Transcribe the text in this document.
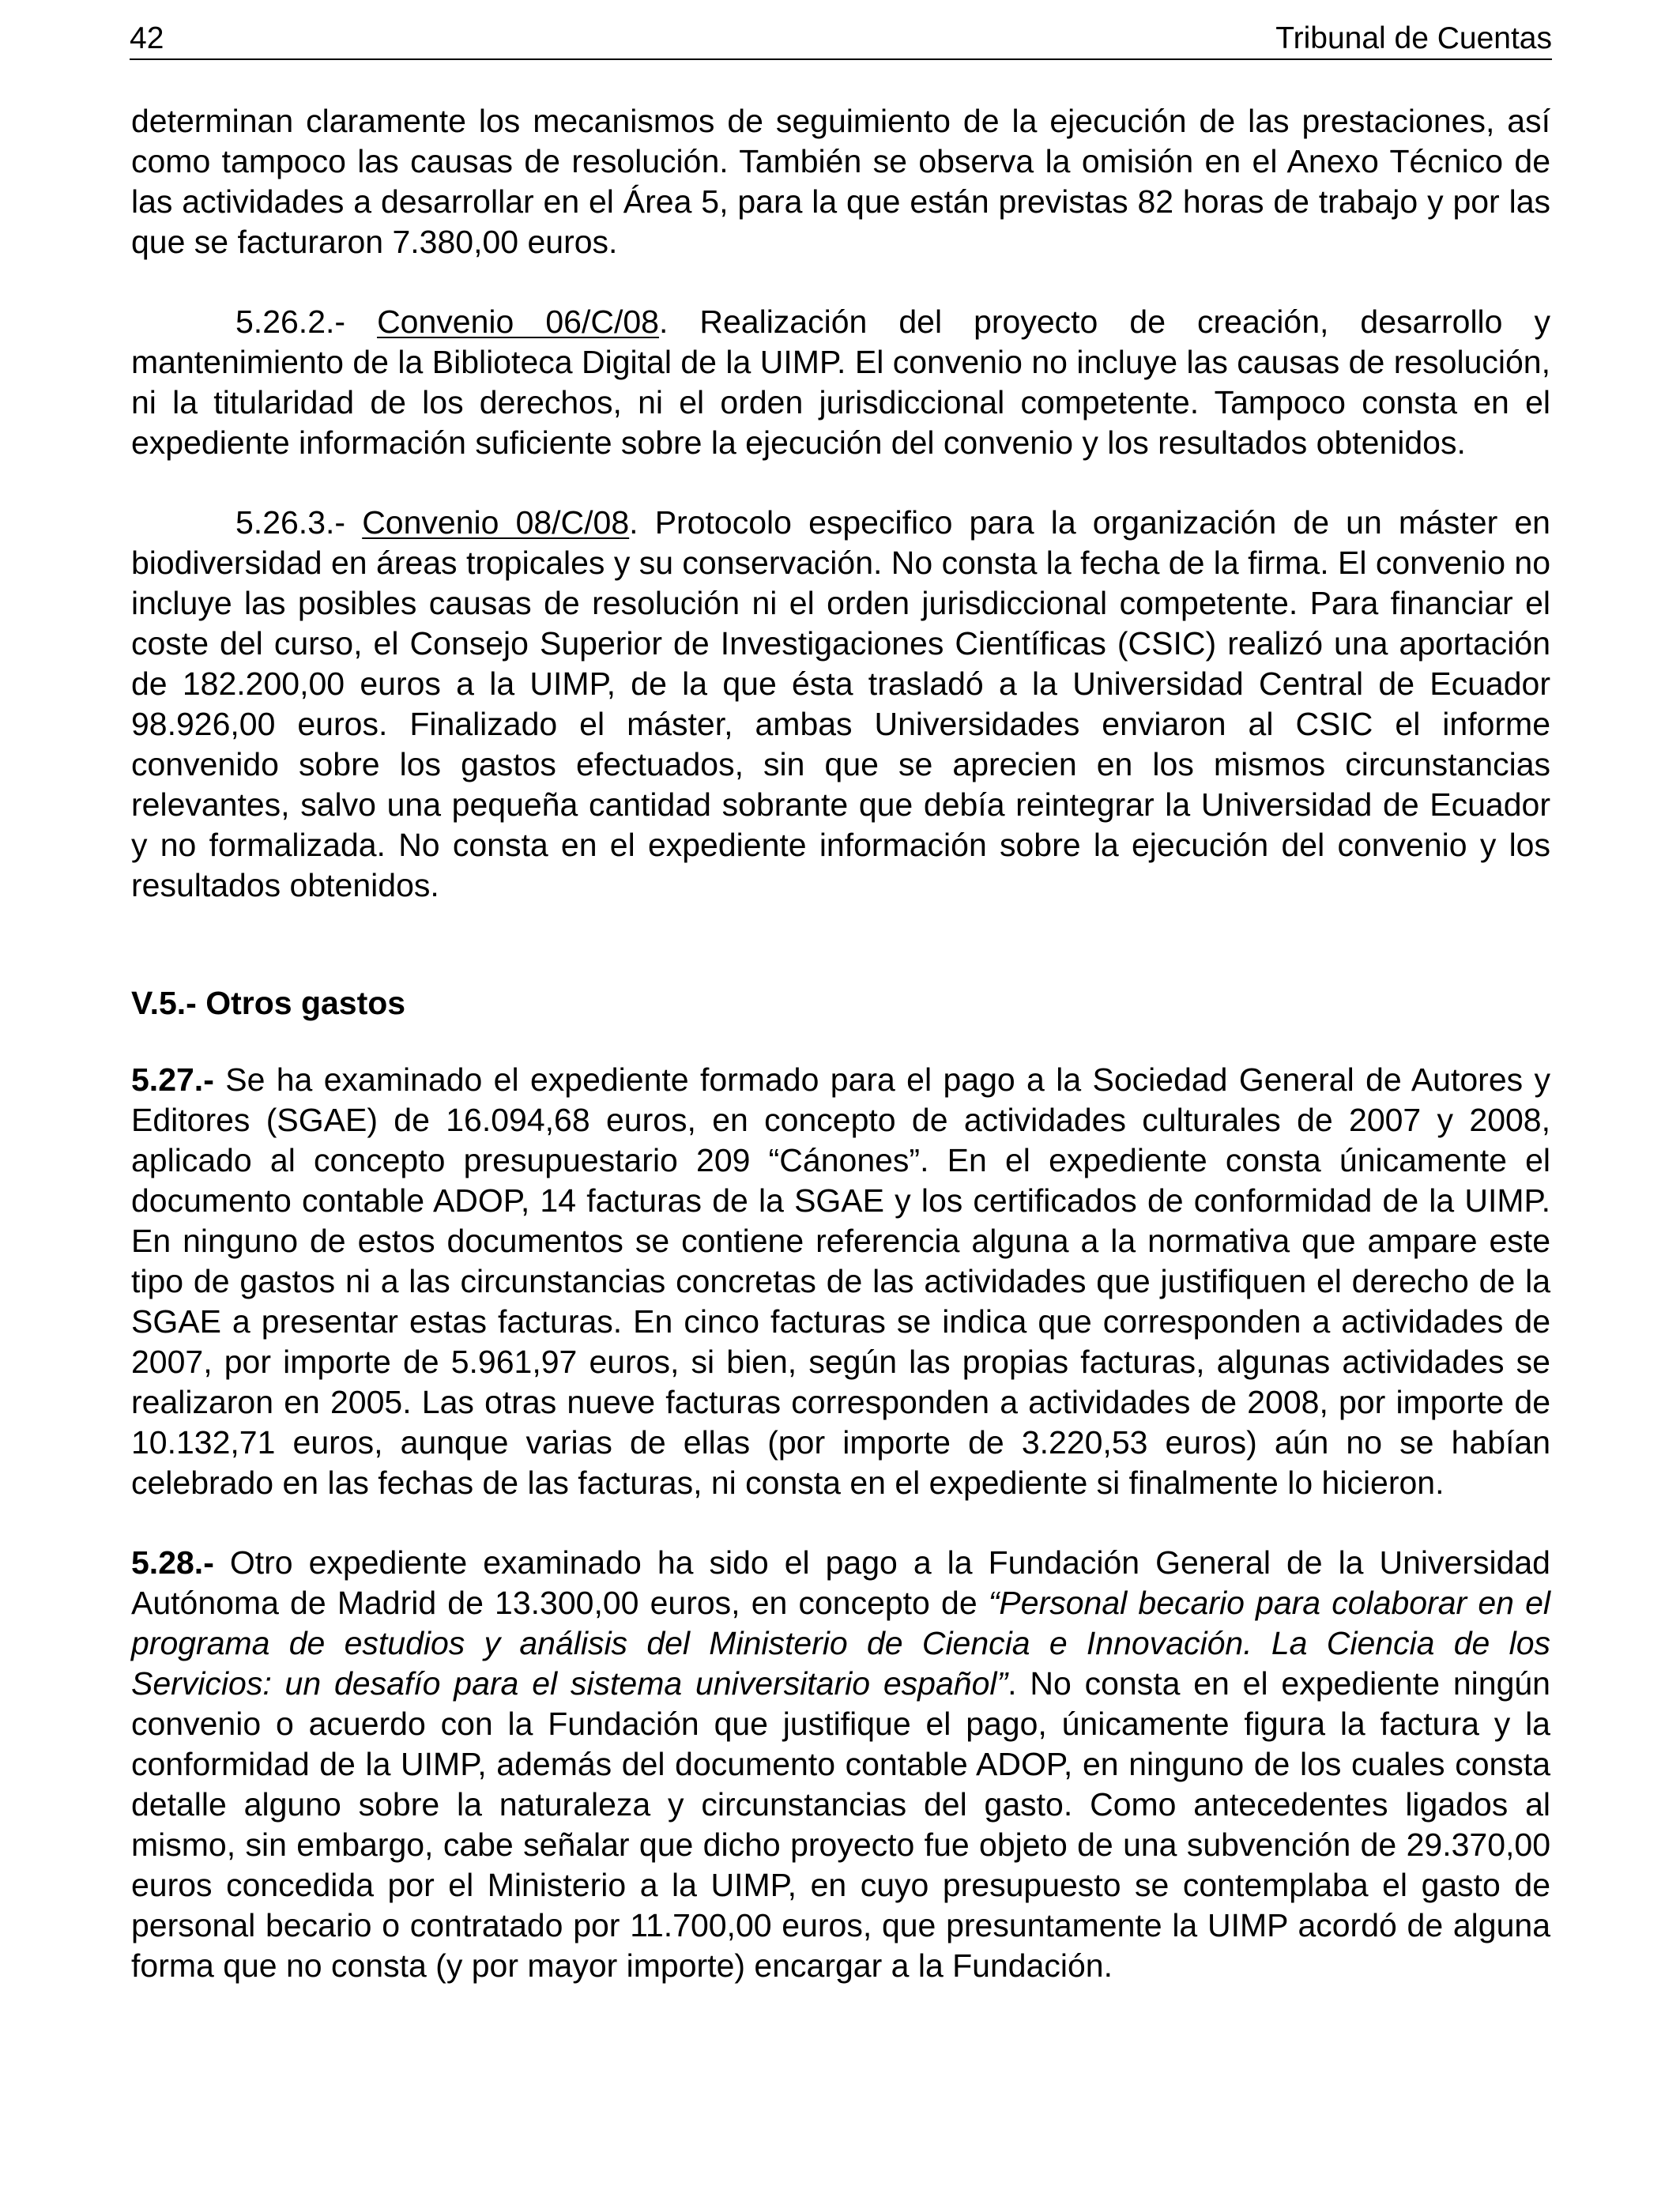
42	Tribunal de Cuentas

determinan claramente los mecanismos de seguimiento de la ejecución de las prestaciones, así como tampoco las causas de resolución. También se observa la omisión en el Anexo Técnico de las actividades a desarrollar en el Área 5, para la que están previstas 82 horas de trabajo y por las que se facturaron 7.380,00 euros.

5.26.2.- Convenio 06/C/08. Realización del proyecto de creación, desarrollo y mantenimiento de la Biblioteca Digital de la UIMP. El convenio no incluye las causas de resolución, ni la titularidad de los derechos, ni el orden jurisdiccional competente. Tampoco consta en el expediente información suficiente sobre la ejecución del convenio y los resultados obtenidos.

5.26.3.- Convenio 08/C/08. Protocolo especifico para la organización de un máster en biodiversidad en áreas tropicales y su conservación. No consta la fecha de la firma. El convenio no incluye las posibles causas de resolución ni el orden jurisdiccional competente. Para financiar el coste del curso, el Consejo Superior de Investigaciones Científicas (CSIC) realizó una aportación de 182.200,00 euros a la UIMP, de la que ésta trasladó a la Universidad Central de Ecuador 98.926,00 euros. Finalizado el máster, ambas Universidades enviaron al CSIC el informe convenido sobre los gastos efectuados, sin que se aprecien en los mismos circunstancias relevantes, salvo una pequeña cantidad sobrante que debía reintegrar la Universidad de Ecuador y no formalizada. No consta en el expediente información sobre la ejecución del convenio y los resultados obtenidos.

V.5.- Otros gastos

5.27.- Se ha examinado el expediente formado para el pago a la Sociedad General de Autores y Editores (SGAE) de 16.094,68 euros, en concepto de actividades culturales de 2007 y 2008, aplicado al concepto presupuestario 209 “Cánones”. En el expediente consta únicamente el documento contable ADOP, 14 facturas de la SGAE y los certificados de conformidad de la UIMP. En ninguno de estos documentos se contiene referencia alguna a la normativa que ampare este tipo de gastos ni a las circunstancias concretas de las actividades que justifiquen el derecho de la SGAE a presentar estas facturas. En cinco facturas se indica que corresponden a actividades de 2007, por importe de 5.961,97 euros, si bien, según las propias facturas, algunas actividades se realizaron en 2005. Las otras nueve facturas corresponden a actividades de 2008, por importe de 10.132,71 euros, aunque varias de ellas (por importe de 3.220,53 euros) aún no se habían celebrado en las fechas de las facturas, ni consta en el expediente si finalmente lo hicieron.

5.28.- Otro expediente examinado ha sido el pago a la Fundación General de la Universidad Autónoma de Madrid de 13.300,00 euros, en concepto de “Personal becario para colaborar en el programa de estudios y análisis del Ministerio de Ciencia e Innovación. La Ciencia de los Servicios: un desafío para el sistema universitario español”. No consta en el expediente ningún convenio o acuerdo con la Fundación que justifique el pago, únicamente figura la factura y la conformidad de la UIMP, además del documento contable ADOP, en ninguno de los cuales consta detalle alguno sobre la naturaleza y circunstancias del gasto. Como antecedentes ligados al mismo, sin embargo, cabe señalar que dicho proyecto fue objeto de una subvención de 29.370,00 euros concedida por el Ministerio a la UIMP, en cuyo presupuesto se contemplaba el gasto de personal becario o contratado por 11.700,00 euros, que presuntamente la UIMP acordó de alguna forma que no consta (y por mayor importe) encargar a la Fundación.
